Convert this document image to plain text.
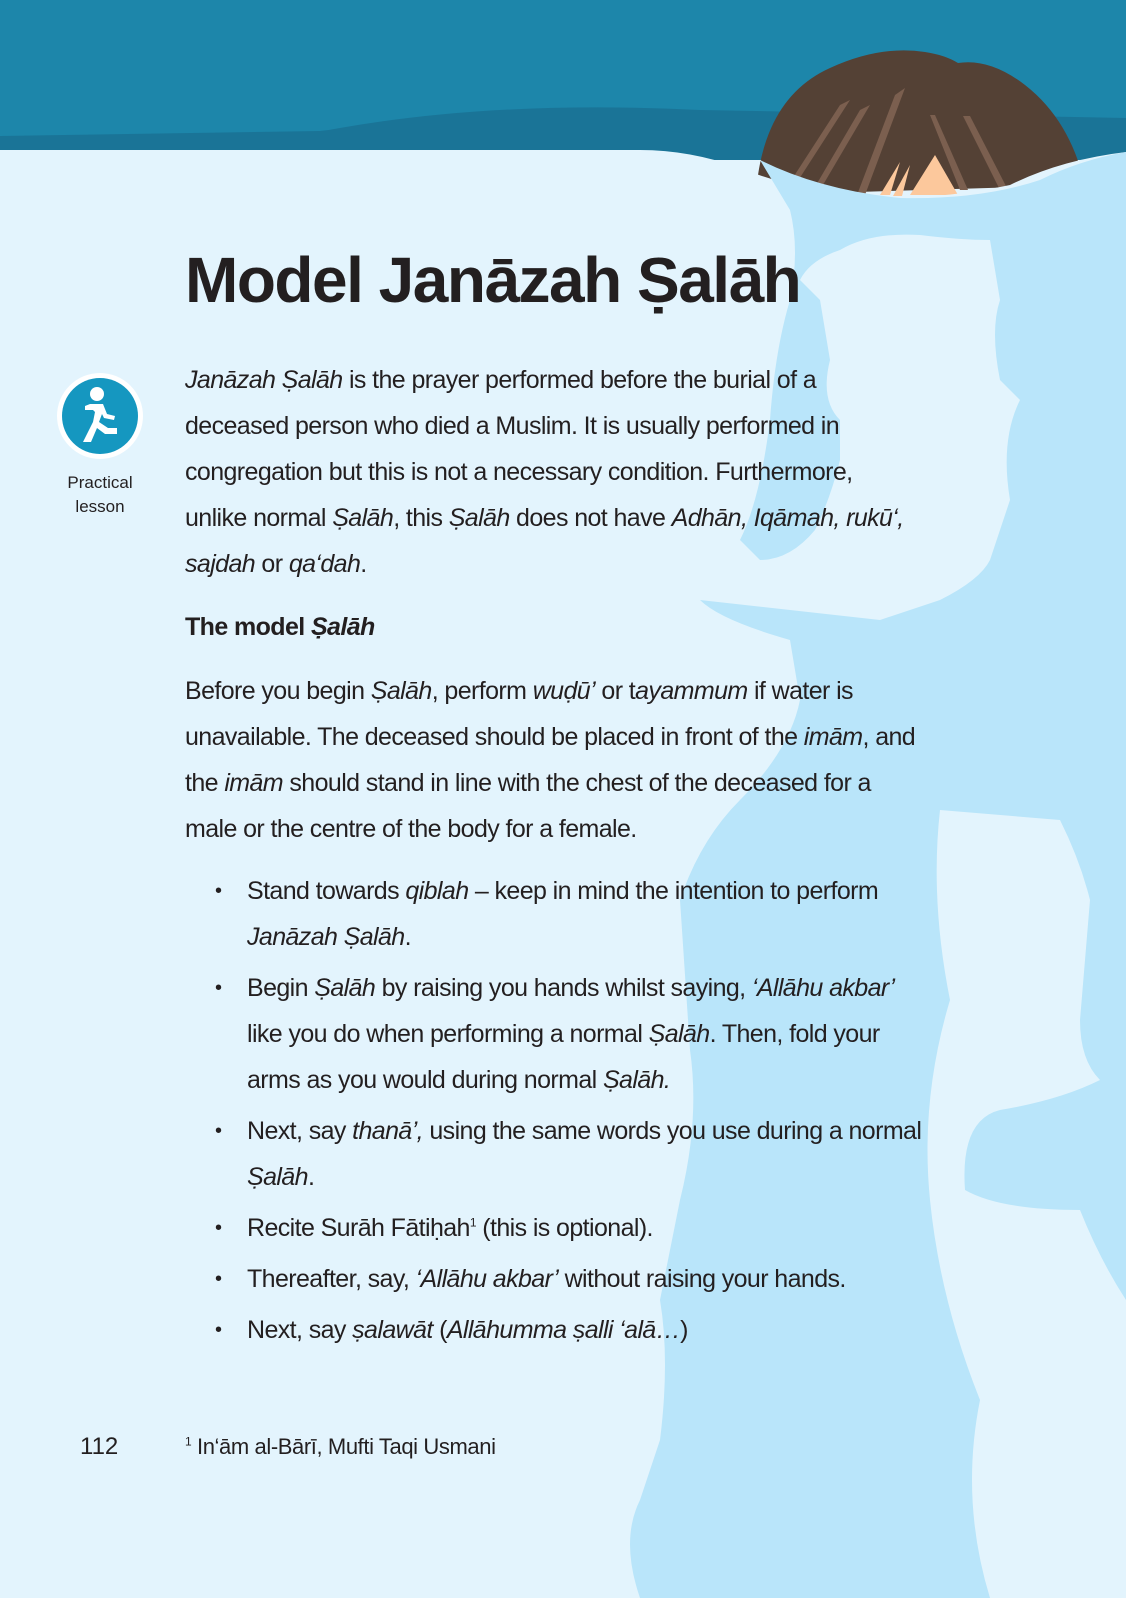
Model Janāzah Ṣalāh
Practical
lesson

Janāzah Ṣalāh is the prayer performed before the burial of a deceased person who died a Muslim. It is usually performed in congregation but this is not a necessary condition. Furthermore, unlike normal Ṣalāh, this Ṣalāh does not have Adhān, Iqāmah, rukū‘, sajdah or qa‘dah.

The model Ṣalāh

Before you begin Ṣalāh, perform wuḍū’ or tayammum if water is unavailable. The deceased should be placed in front of the imām, and the imām should stand in line with the chest of the deceased for a male or the centre of the body for a female.

• Stand towards qiblah – keep in mind the intention to perform Janāzah Ṣalāh.

• Begin Ṣalāh by raising you hands whilst saying, ‘Allāhu akbar’ like you do when performing a normal Ṣalāh. Then, fold your arms as you would during normal Ṣalāh.

• Next, say thanā’, using the same words you use during a normal Ṣalāh.

• Recite Surāh Fātiḥah$^1$ (this is optional).

• Thereafter, say, ‘Allāhu akbar’ without raising your hands.

• Next, say ṣalawāt (Allāhumma ṣalli ‘alā…)

112	$^1$ In‘ām al-Bārī, Mufti Taqi Usmani
